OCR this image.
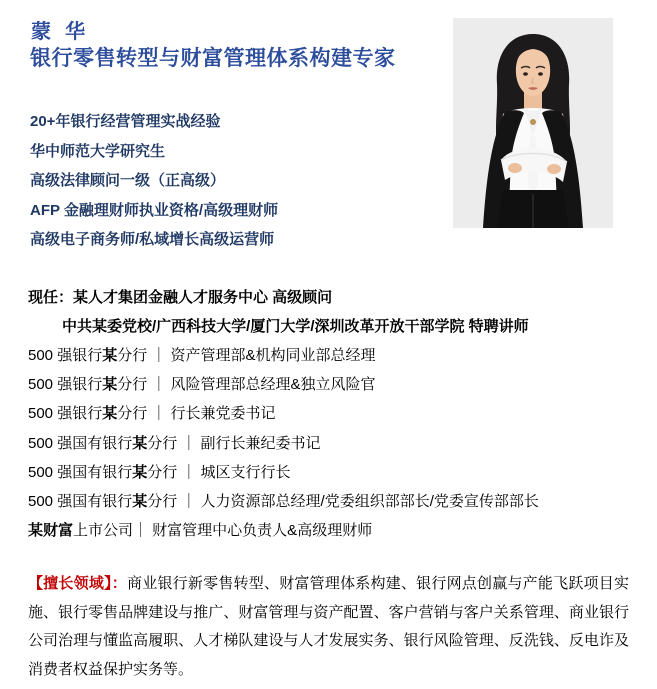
蒙  华
银行零售转型与财富管理体系构建专家
20+年银行经营管理实战经验
华中师范大学研究生
高级法律顾问一级（正高级）
AFP 金融理财师执业资格/高级理财师
高级电子商务师/私域增长高级运营师
现任：某人才集团金融人才服务中心 高级顾问
中共某委党校/广西科技大学/厦门大学/深圳改革开放干部学院 特聘讲师
500 强银行某分行 ｜ 资产管理部&机构同业部总经理
500 强银行某分行 ｜ 风险管理部总经理&独立风险官
500 强银行某分行 ｜ 行长兼党委书记
500 强国有银行某分行 ｜ 副行长兼纪委书记
500 强国有银行某分行 ｜ 城区支行行长
500 强国有银行某分行 ｜ 人力资源部总经理/党委组织部部长/党委宣传部部长
某财富上市公司｜ 财富管理中心负责人&高级理财师
【擅长领域】：商业银行新零售转型、财富管理体系构建、银行网点创赢与产能飞跃项目实施、银行零售品牌建设与推广、财富管理与资产配置、客户营销与客户关系管理、商业银行公司治理与懂监高履职、人才梯队建设与人才发展实务、银行风险管理、反洗钱、反电诈及消费者权益保护实务等。
